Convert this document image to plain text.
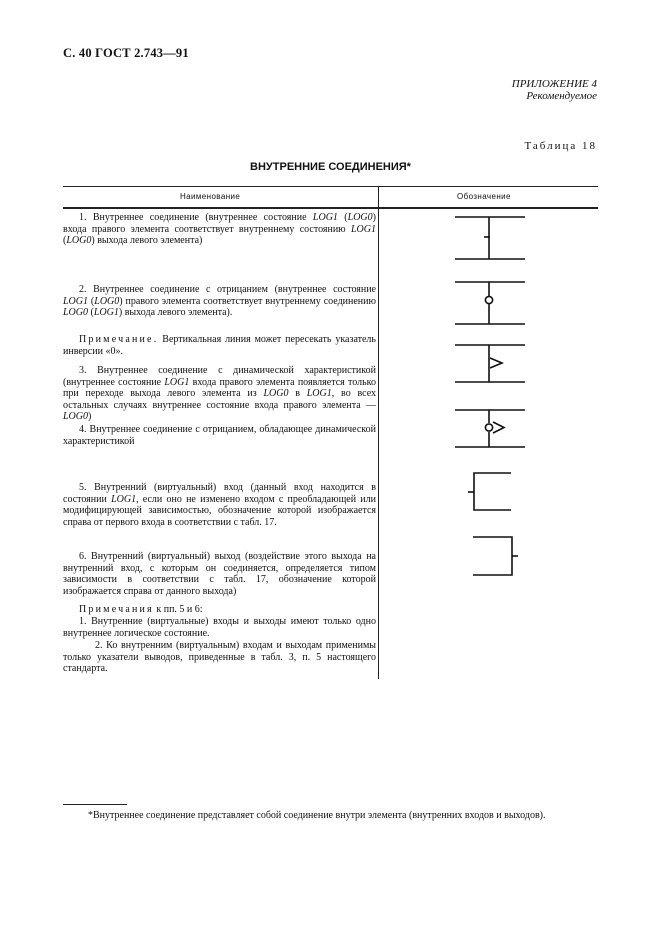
С. 40 ГОСТ 2.743—91
ПРИЛОЖЕНИЕ 4
Рекомендуемое
Таблица 18
ВНУТРЕННИЕ СОЕДИНЕНИЯ*
Наименование	Обозначение
1. Внутреннее соединение (внутреннее состояние LOG1 (LOG0) входа правого элемента соответствует внутреннему состоянию LOG1 (LOG0) выхода левого элемента)
2. Внутреннее соединение с отрицанием (внутреннее состояние LOG1 (LOG0) правого элемента соответствует внутреннему соединению LOG0 (LOG1) выхода левого элемента).
Примечание. Вертикальная линия может пересекать указатель инверсии «0».
3. Внутреннее соединение с динамической характеристикой (внутреннее состояние LOG1 входа правого элемента появляется только при переходе выхода левого элемента из LOG0 в LOG1, во всех остальных случаях внутреннее состояние входа правого элемента — LOG0)
4. Внутреннее соединение с отрицанием, обладающее динамической характеристикой
5. Внутренний (виртуальный) вход (данный вход находится в состоянии LOG1, если оно не изменено входом с преобладающей или модифицирующей зависимостью, обозначение которой изображается справа от первого входа в соответствии с табл. 17.
6. Внутренний (виртуальный) выход (воздействие этого выхода на внутренний вход, с которым он соединяется, определяется типом зависимости в соответствии с табл. 17, обозначение которой изображается справа от данного выхода)
Примечания к пп. 5 и 6:
1. Внутренние (виртуальные) входы и выходы имеют только одно внутреннее логическое состояние.
2. Ко внутренним (виртуальным) входам и выходам применимы только указатели выводов, приведенные в табл. 3, п. 5 настоящего стандарта.
*Внутреннее соединение представляет собой соединение внутри элемента (внутренних входов и выходов).
